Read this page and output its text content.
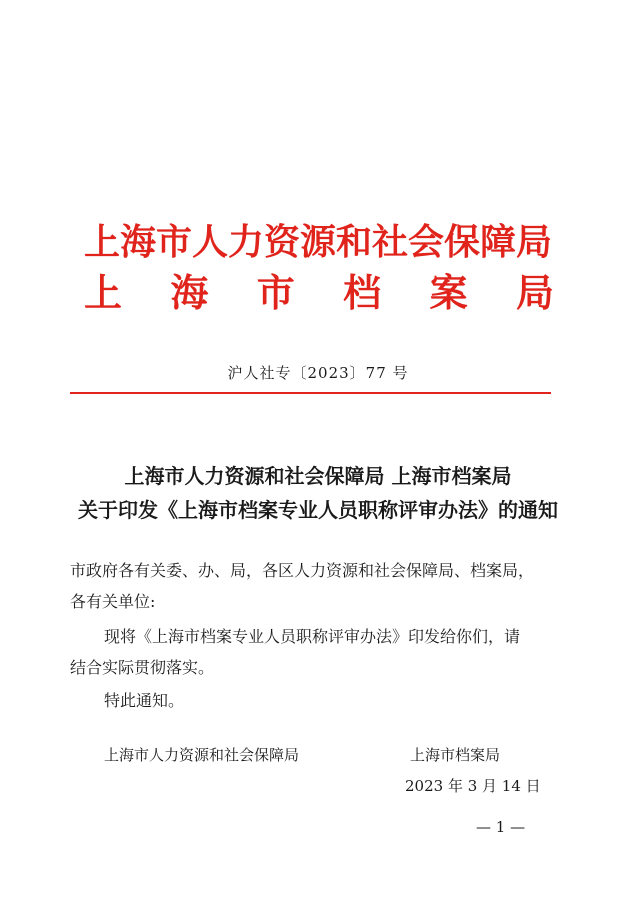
上海市人力资源和社会保障局
上 海 市 档 案 局
沪人社专〔2023〕77 号
上海市人力资源和社会保障局 上海市档案局
关于印发《上海市档案专业人员职称评审办法》的通知
市政府各有关委、办、局，各区人力资源和社会保障局、档案局，
各有关单位:
现将《上海市档案专业人员职称评审办法》印发给你们，请
结合实际贯彻落实。
特此通知。
上海市人力资源和社会保障局	上海市档案局
2023 年 3 月 14 日
— 1 —
